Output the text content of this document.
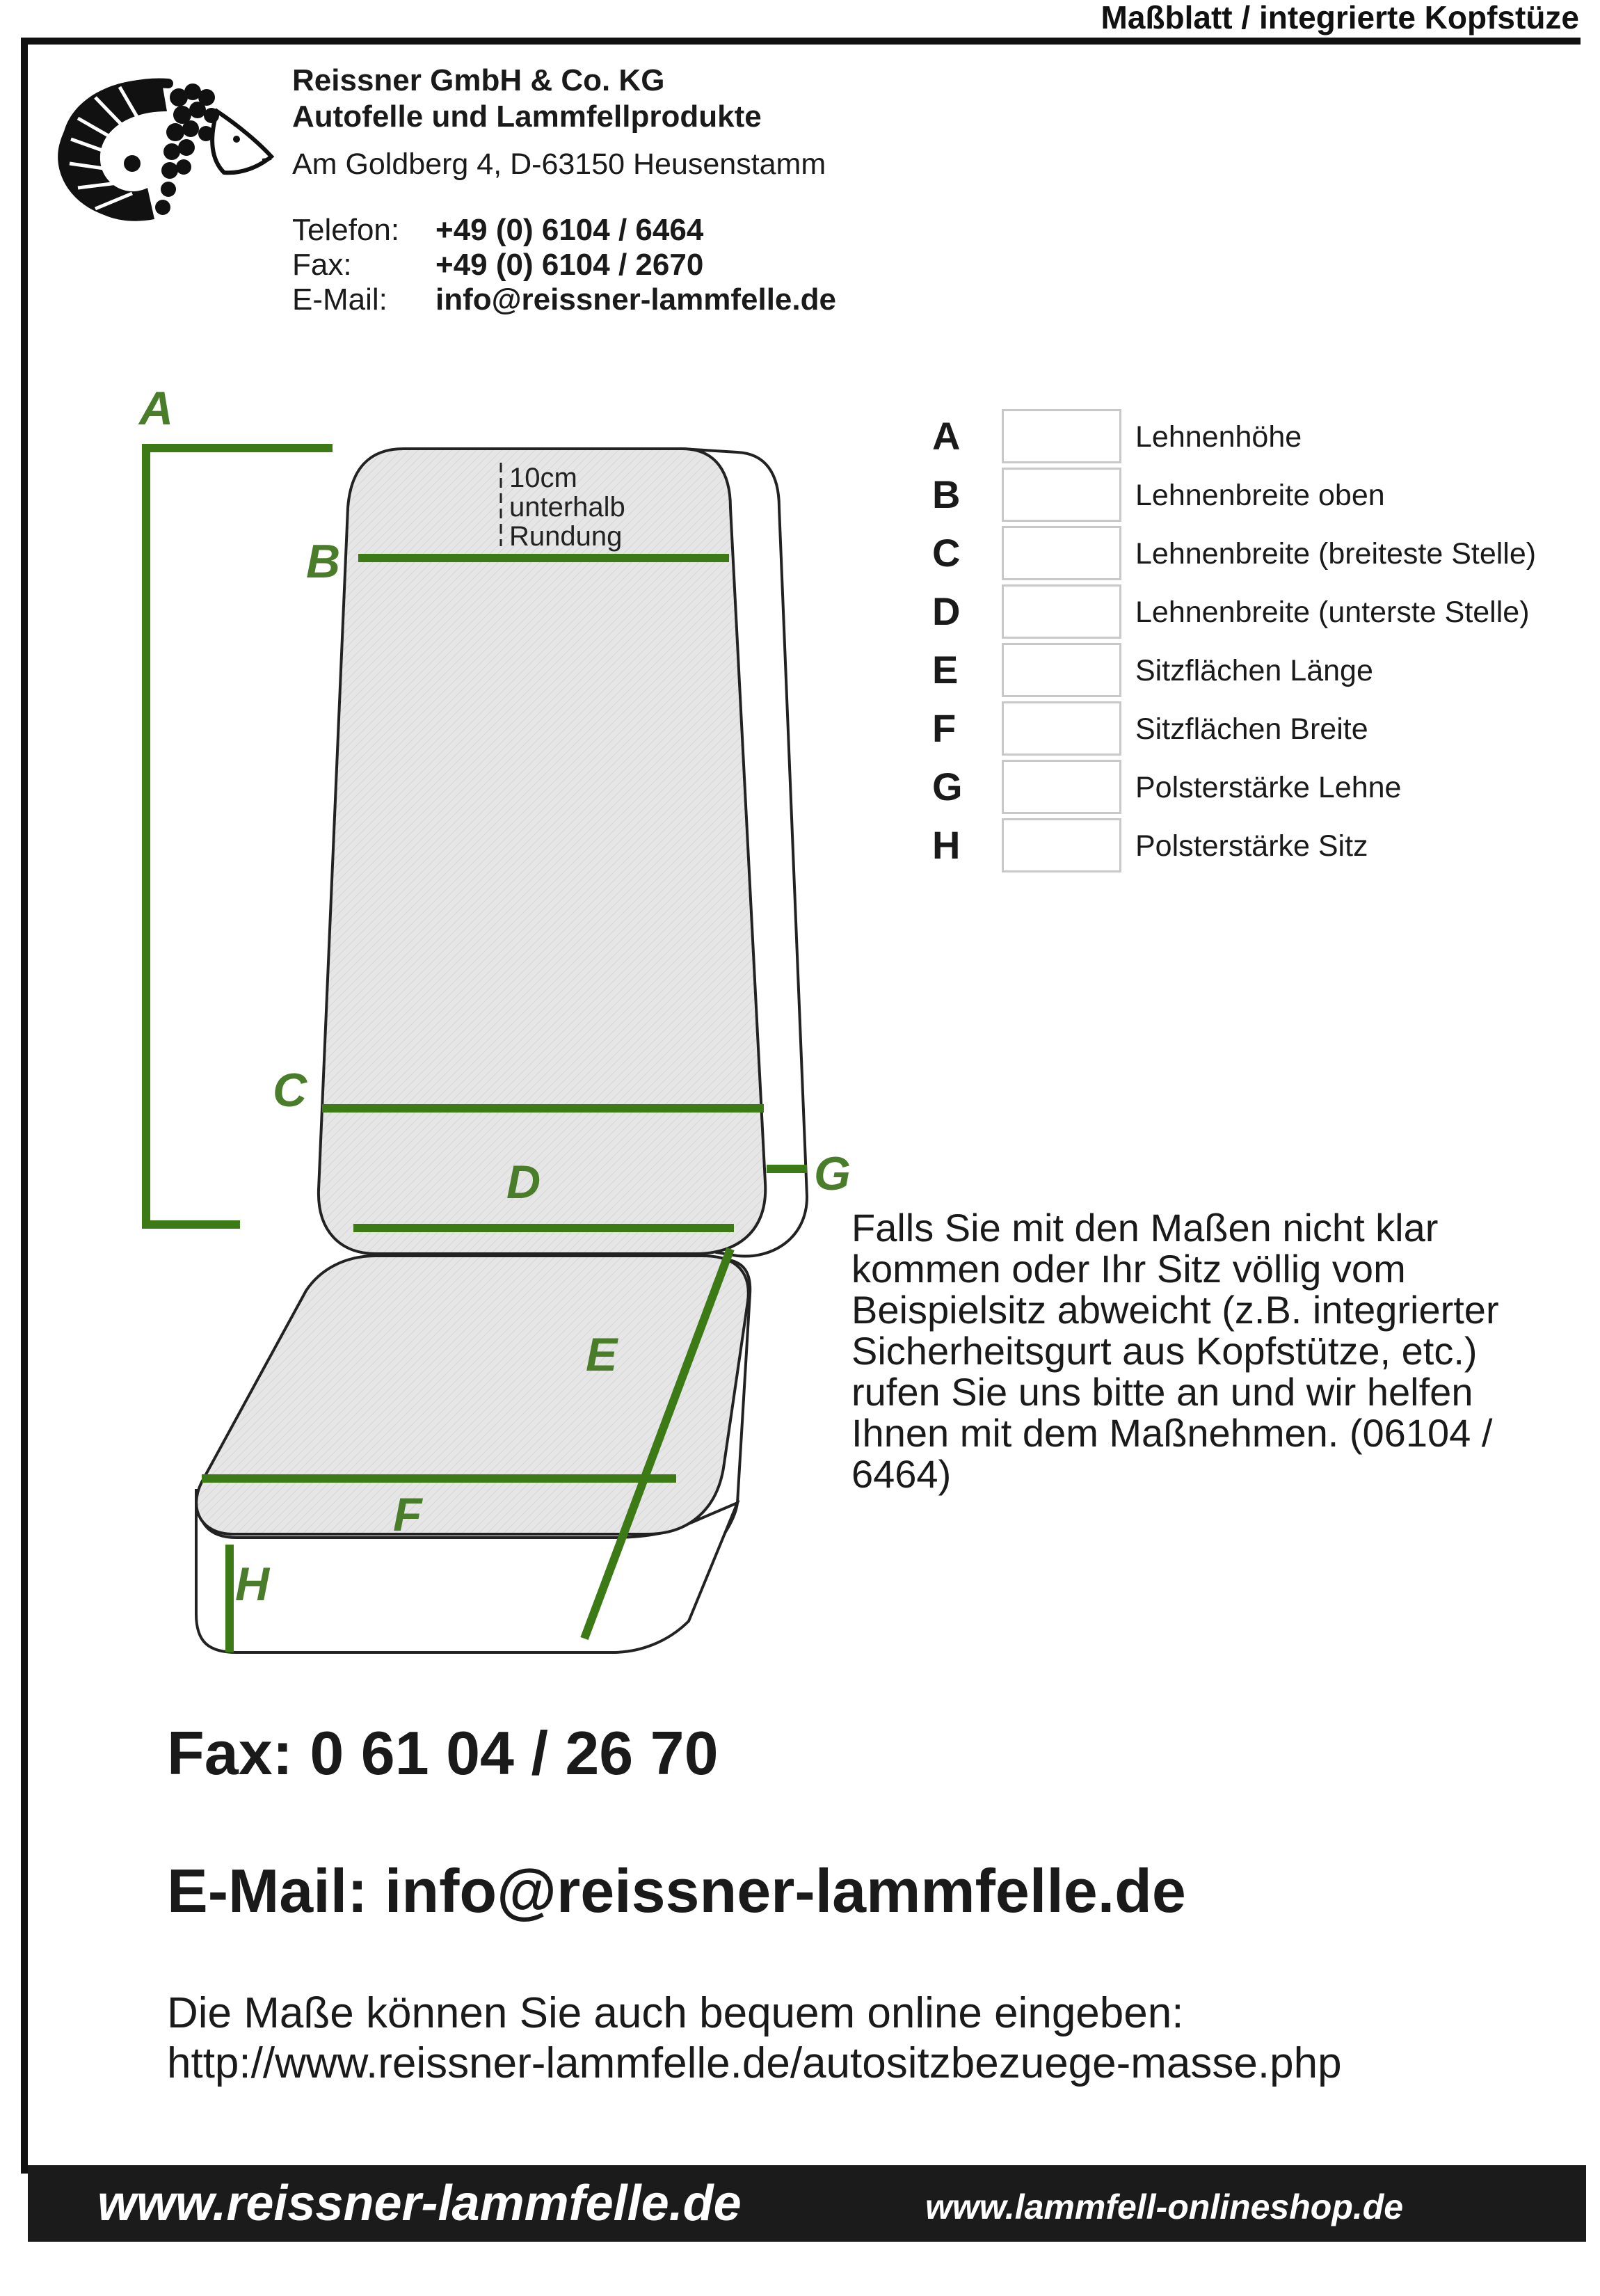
Maßblatt / integrierte Kopfstüze
Reissner GmbH & Co. KG
Autofelle und Lammfellprodukte
Am Goldberg 4, D-63150 Heusenstamm
Telefon: +49 (0) 6104 / 6464
Fax:	+49 (0) 6104 / 2670
E-Mail: info@reissner-lammfelle.de
10cm
unterhalb
Rundung
A
B
C
D	G
E
F
H
A	Lehnenhöhe
B	Lehnenbreite oben
C	Lehnenbreite (breiteste Stelle)
D	Lehnenbreite (unterste Stelle)
E	Sitzflächen Länge
F	Sitzflächen Breite
G	Polsterstärke Lehne
H	Polsterstärke Sitz
Falls Sie mit den Maßen nicht klar kommen oder Ihr Sitz völlig vom Beispielsitz abweicht (z.B. integrierter Sicherheitsgurt aus Kopfstütze, etc.) rufen Sie uns bitte an und wir helfen Ihnen mit dem Maßnehmen. (06104 / 6464)
Fax: 0 61 04 / 26 70
E-Mail: info@reissner-lammfelle.de
Die Maße können Sie auch bequem online eingeben:
http://www.reissner-lammfelle.de/autositzbezuege-masse.php
www.reissner-lammfelle.de	www.lammfell-onlineshop.de
